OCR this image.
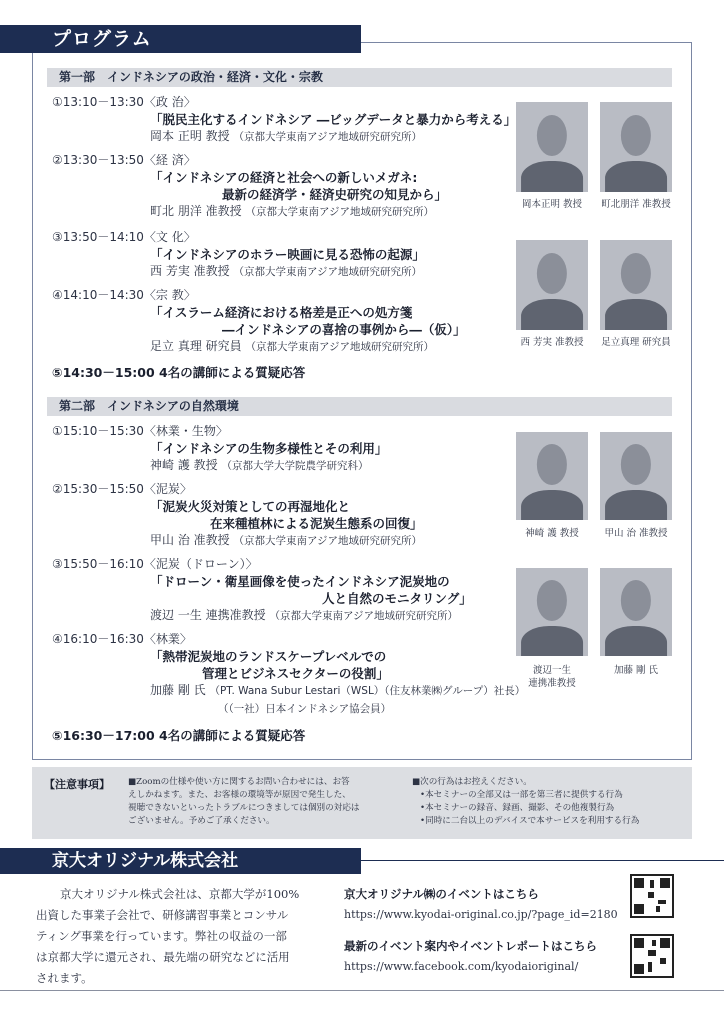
プログラム
第一部　インドネシアの政治・経済・文化・宗教
①13:10－13:30〈政 治〉
「脱民主化するインドネシア ―ビッグデータと暴力から考える」
岡本 正明 教授 （京都大学東南アジア地域研究研究所）
②13:30－13:50〈経 済〉
「インドネシアの経済と社会への新しいメガネ:
最新の経済学・経済史研究の知見から」
町北 朋洋 准教授 （京都大学東南アジア地域研究研究所）
③13:50－14:10〈文 化〉
「インドネシアのホラー映画に見る恐怖の起源」
西 芳実 准教授 （京都大学東南アジア地域研究研究所）
④14:10－14:30〈宗 教〉
「イスラーム経済における格差是正への処方箋
―インドネシアの喜捨の事例から―（仮）」
足立 真理 研究員 （京都大学東南アジア地域研究研究所）
⑤14:30－15:00 4名の講師による質疑応答
岡本正明 教授	町北朋洋 准教授
西 芳実 准教授	足立真理 研究員
第二部　インドネシアの自然環境
①15:10－15:30〈林業・生物〉
「インドネシアの生物多様性とその利用」
神崎 護 教授 （京都大学大学院農学研究科）
②15:30－15:50〈泥炭〉
「泥炭火災対策としての再湿地化と
在来種植林による泥炭生態系の回復」
甲山 治 准教授 （京都大学東南アジア地域研究研究所）
③15:50－16:10〈泥炭（ドローン）〉
「ドローン・衛星画像を使ったインドネシア泥炭地の
人と自然のモニタリング」
渡辺 一生 連携准教授 （京都大学東南アジア地域研究研究所）
④16:10－16:30〈林業〉
「熱帯泥炭地のランドスケープレベルでの
管理とビジネスセクターの役割」
加藤 剛 氏 （PT. Wana Subur Lestari（WSL）（住友林業㈱グループ）社長）
（（一社）日本インドネシア協会員）
⑤16:30－17:00 4名の講師による質疑応答
神崎 護 教授	甲山 治 准教授
渡辺一生
連携准教授
加藤 剛 氏
【注意事項】 ■Zoomの仕様や使い方に関するお問い合わせには、お答
えしかねます。また、お客様の環境等が原因で発生した、
視聴できないといったトラブルにつきましては個別の対応は
ございません。予めご了承ください。
■次の行為はお控えください。
•本セミナーの全部又は一部を第三者に提供する行為
•本セミナーの録音、録画、撮影、その他複製行為
•同時に二台以上のデバイスで本サービスを利用する行為
京大オリジナル株式会社
京大オリジナル株式会社は、京都大学が100%
出資した事業子会社で、研修講習事業とコンサル
ティング事業を行っています。弊社の収益の一部
は京都大学に還元され、最先端の研究などに活用
されます。
京大オリジナル㈱のイベントはこちら
https://www.kyodai-original.co.jp/?page_id=2180
最新のイベント案内やイベントレポートはこちら
https://www.facebook.com/kyodaioriginal/
